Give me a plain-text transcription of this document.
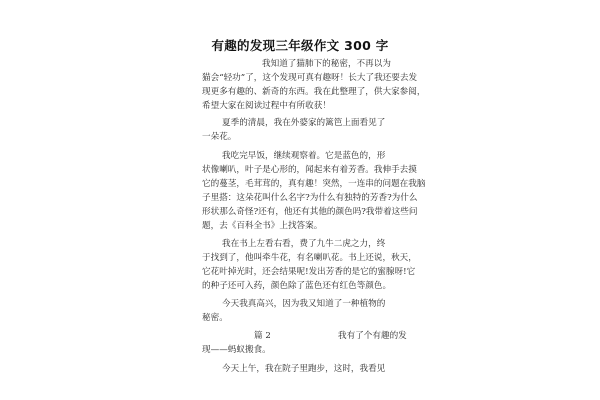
有趣的发现三年级作文 300 字
我知道了猫肺下的秘密，不再以为
猫会“轻功”了，这个发现可真有趣呀！长大了我还要去发
现更多有趣的、新奇的东西。我在此整理了，供大家参阅，
希望大家在阅读过程中有所收获！
夏季的清晨，我在外婆家的篱笆上面看见了
一朵花。
我吃完早饭，继续观察着。它是蓝色的，形
状像喇叭，叶子是心形的，闻起来有着芳香。我伸手去摸
它的蔓茎，毛茸茸的，真有趣！突然，一连串的问题在我脑
子里搭：这朵花叫什么名字?为什么有独特的芳香?为什么
形状那么奇怪?还有，他还有其他的颜色吗?我带着这些问
题，去《百科全书》上找答案。
我在书上左看右看，费了九牛二虎之力，终
于找到了，他叫牵牛花，有名喇叭花。书上还说，秋天，
它花叶掉光时，还会结果呢!发出芳香的是它的蜜腺呀!它
的种子还可入药，颜色除了蓝色还有红色等颜色。
今天我真高兴，因为我又知道了一种植物的
秘密。
篇 2	我有了个有趣的发
现——蚂蚁搬食。
今天上午，我在院子里跑步，这时，我看见
